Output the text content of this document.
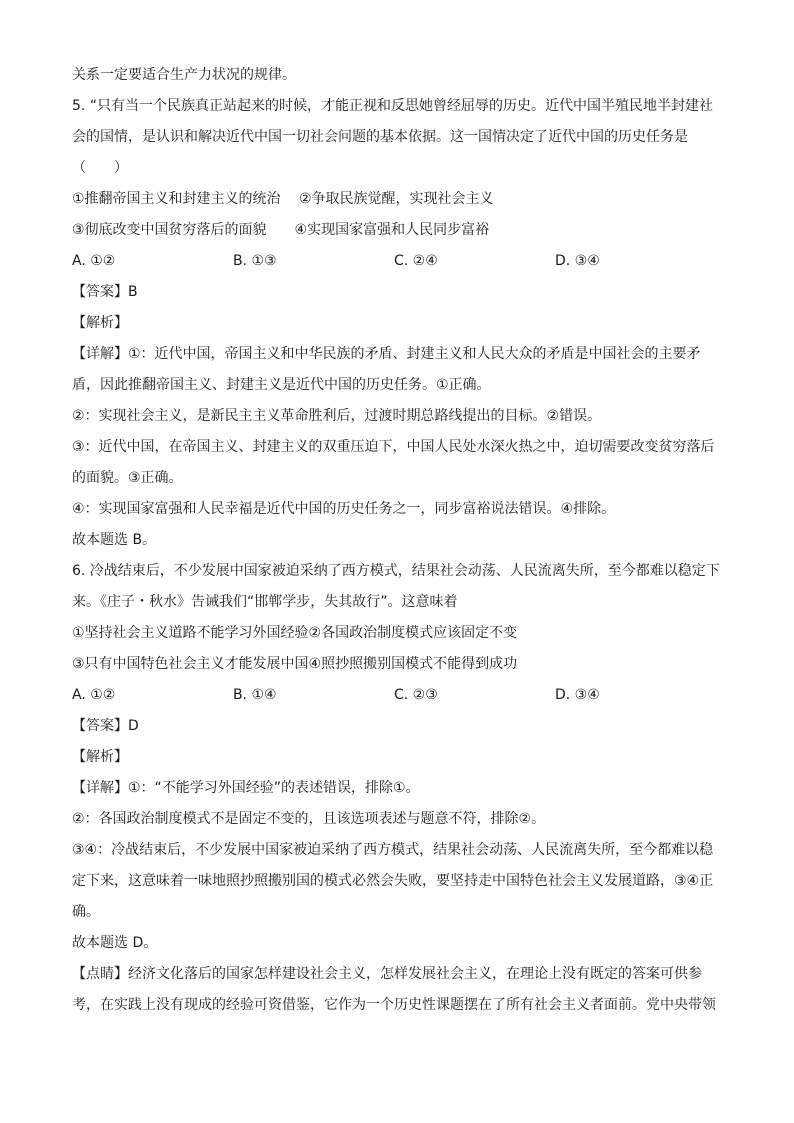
关系一定要适合生产力状况的规律。
5. “只有当一个民族真正站起来的时候，才能正视和反思她曾经屈辱的历史。近代中国半殖民地半封建社
会的国情，是认识和解决近代中国一切社会问题的基本依据。这一国情决定了近代中国的历史任务是
（　　）
①推翻帝国主义和封建主义的统治　 ②争取民族觉醒，实现社会主义
③彻底改变中国贫穷落后的面貌　　④实现国家富强和人民同步富裕
A. ①②	B. ①③	C. ②④	D. ③④
【答案】B
【解析】
【详解】①：近代中国，帝国主义和中华民族的矛盾、封建主义和人民大众的矛盾是中国社会的主要矛
盾，因此推翻帝国主义、封建主义是近代中国的历史任务。①正确。
②：实现社会主义，是新民主主义革命胜利后，过渡时期总路线提出的目标。②错误。
③：近代中国，在帝国主义、封建主义的双重压迫下，中国人民处水深火热之中，迫切需要改变贫穷落后
的面貌。③正确。
④：实现国家富强和人民幸福是近代中国的历史任务之一，同步富裕说法错误。④排除。
故本题选 B。
6. 冷战结束后，不少发展中国家被迫采纳了西方模式，结果社会动荡、人民流离失所，至今都难以稳定下
来。《庄子・秋水》告诫我们“邯郸学步，失其故行”。这意味着
①坚持社会主义道路不能学习外国经验②各国政治制度模式应该固定不变
③只有中国特色社会主义才能发展中国④照抄照搬别国模式不能得到成功
A. ①②	B. ①④	C. ②③	D. ③④
【答案】D
【解析】
【详解】①：“不能学习外国经验”的表述错误，排除①。
②：各国政治制度模式不是固定不变的，且该选项表述与题意不符，排除②。
③④：冷战结束后，不少发展中国家被迫采纳了西方模式，结果社会动荡、人民流离失所，至今都难以稳
定下来，这意味着一味地照抄照搬别国的模式必然会失败，要坚持走中国特色社会主义发展道路，③④正
确。
故本题选 D。
【点睛】经济文化落后的国家怎样建设社会主义，怎样发展社会主义，在理论上没有既定的答案可供参
考，在实践上没有现成的经验可资借鉴，它作为一个历史性课题摆在了所有社会主义者面前。党中央带领
